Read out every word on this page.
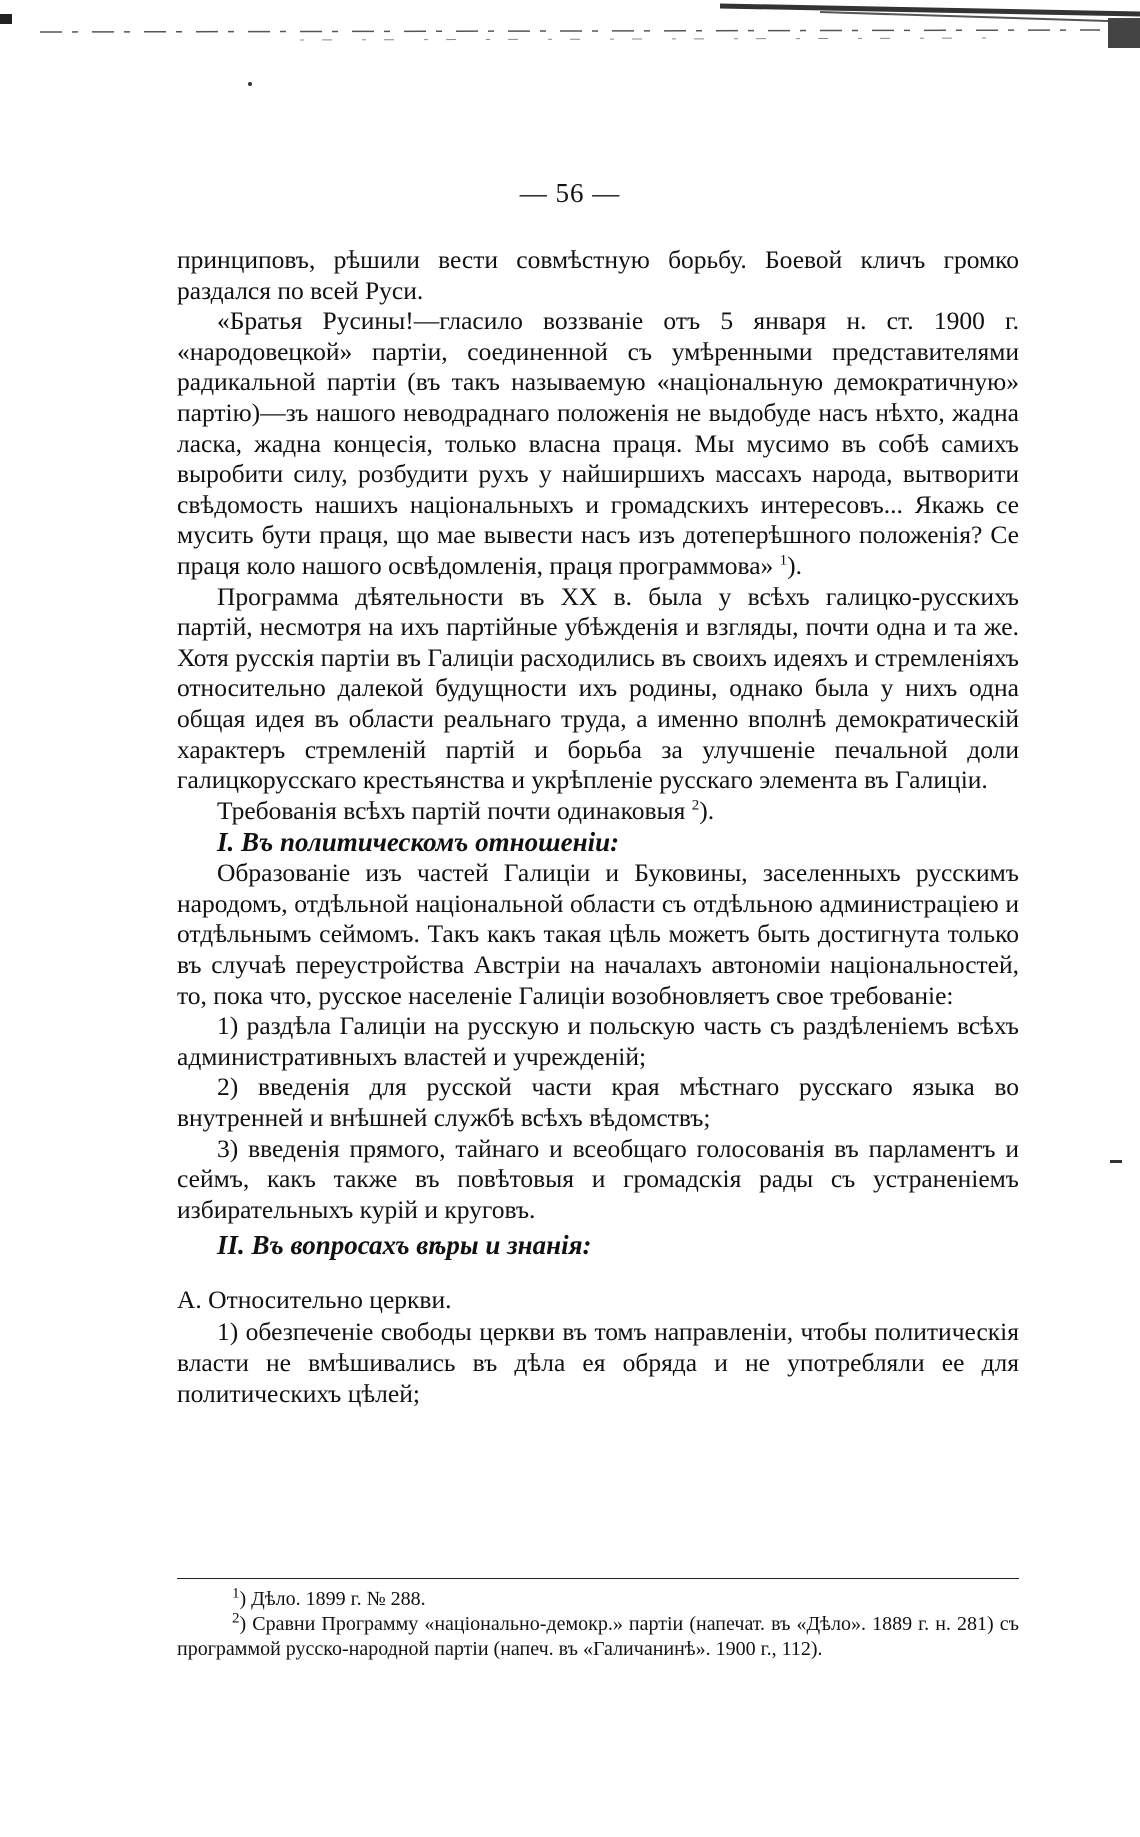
— 56 —

принциповъ, рѣшили вести совмѣстную борьбу. Боевой кличъ громко раздался по всей Руси.

«Братья Русины!—гласило воззваніе отъ 5 января н. ст. 1900 г. «народовецкой» партіи, соединенной съ умѣренными представителями радикальной партіи (въ такъ называемую «національную демократичную» партію)—зъ нашого неводраднаго положенія не выдобуде насъ нѣхто, жадна ласка, жадна концесія, только власна праця. Мы мусимо въ собѣ самихъ выробити силу, розбудити рухъ у найширшихъ массахъ народа, вытворити свѣдомость нашихъ національныхъ и громадскихъ интересовъ... Якажь се мусить бути праця, що мае вывести насъ изъ дотеперѣшного положенія? Се праця коло нашого освѣдомленія, праця программова» $^1$).

Программа дѣятельности въ XX в. была у всѣхъ галицко-русскихъ партій, несмотря на ихъ партійные убѣжденія и взгляды, почти одна и та же. Хотя русскія партіи въ Галиціи расходились въ своихъ идеяхъ и стремленіяхъ относительно далекой будущности ихъ родины, однако была у нихъ одна общая идея въ области реальнаго труда, а именно вполнѣ демократическій характеръ стремленій партій и борьба за улучшеніе печальной доли галицкорусскаго крестьянства и укрѣпленіе русскаго элемента въ Галиціи.

Требованія всѣхъ партій почти одинаковыя $^2$).

I. Въ политическомъ отношеніи:

Образованіе изъ частей Галиціи и Буковины, заселенныхъ русскимъ народомъ, отдѣльной національной области съ отдѣльною администраціею и отдѣльнымъ сеймомъ. Такъ какъ такая цѣль можетъ быть достигнута только въ случаѣ переустройства Австріи на началахъ автономіи національностей, то, пока что, русское населеніе Галиціи возобновляетъ свое требованіе:

1) раздѣла Галиціи на русскую и польскую часть съ раздѣленіемъ всѣхъ административныхъ властей и учрежденій;

2) введенія для русской части края мѣстнаго русскаго языка во внутренней и внѣшней службѣ всѣхъ вѣдомствъ;

3) введенія прямого, тайнаго и всеобщаго голосованія въ парламентъ и сеймъ, какъ также въ повѣтовыя и громадскія рады съ устраненіемъ избирательныхъ курій и круговъ.

II. Въ вопросахъ вѣры и знанія:

А. Относительно церкви.

1) обезпеченіе свободы церкви въ томъ направленіи, чтобы политическія власти не вмѣшивались въ дѣла ея обряда и не употребляли ее для политическихъ цѣлей;

$^1$) Дѣло. 1899 г. № 288.

$^2$) Сравни Программу «національно-демокр.» партіи (напечат. въ «Дѣло». 1889 г. н. 281) съ программой русско-народной партіи (напеч. въ «Галичанинѣ». 1900 г., 112).
